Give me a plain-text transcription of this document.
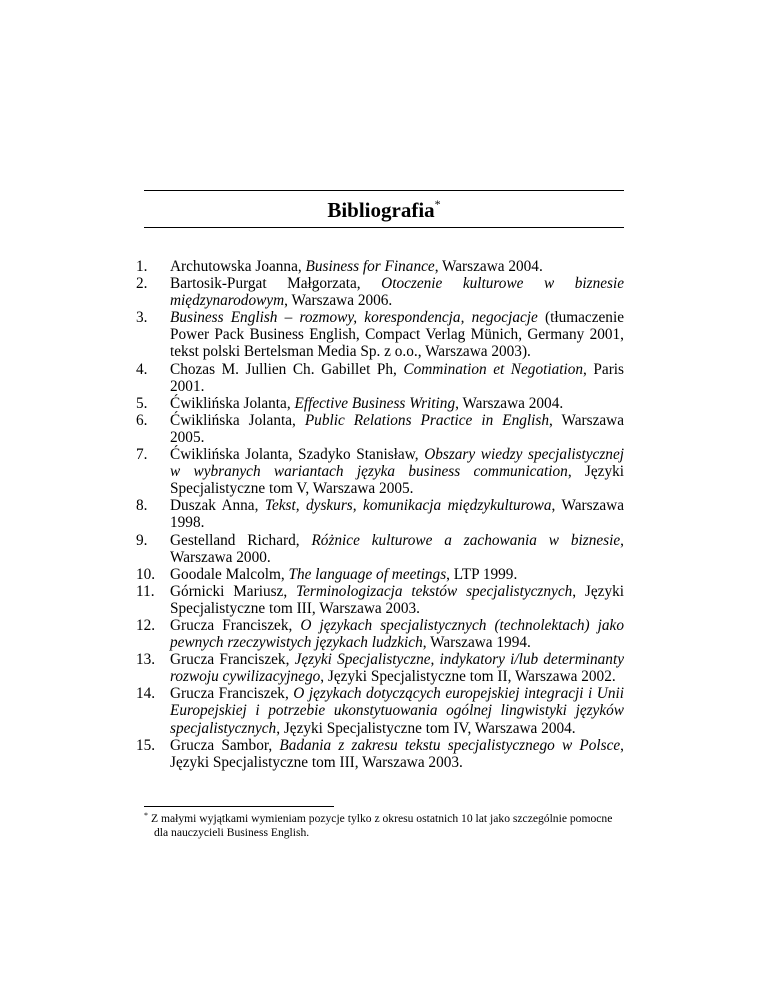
Bibliografia*
1. Archutowska Joanna, Business for Finance, Warszawa 2004.
2. Bartosik-Purgat Małgorzata, Otoczenie kulturowe w biznesie międzynarodowym, Warszawa 2006.
3. Business English – rozmowy, korespondencja, negocjacje (tłumaczenie Power Pack Business English, Compact Verlag Münich, Germany 2001, tekst polski Bertelsman Media Sp. z o.o., Warszawa 2003).
4. Chozas M. Jullien Ch. Gabillet Ph, Commination et Negotiation, Paris 2001.
5. Ćwiklińska Jolanta, Effective Business Writing, Warszawa 2004.
6. Ćwiklińska Jolanta, Public Relations Practice in English, Warszawa 2005.
7. Ćwiklińska Jolanta, Szadyko Stanisław, Obszary wiedzy specjalistycznej w wybranych wariantach języka business communication, Języki Specjalistyczne tom V, Warszawa 2005.
8. Duszak Anna, Tekst, dyskurs, komunikacja międzykulturowa, Warszawa 1998.
9. Gestelland Richard, Różnice kulturowe a zachowania w biznesie, Warszawa 2000.
10. Goodale Malcolm, The language of meetings, LTP 1999.
11. Górnicki Mariusz, Terminologizacja tekstów specjalistycznych, Języki Specjalistyczne tom III, Warszawa 2003.
12. Grucza Franciszek, O językach specjalistycznych (technolektach) jako pewnych rzeczywistych językach ludzkich, Warszawa 1994.
13. Grucza Franciszek, Języki Specjalistyczne, indykatory i/lub determinanty rozwoju cywilizacyjnego, Języki Specjalistyczne tom II, Warszawa 2002.
14. Grucza Franciszek, O językach dotyczących europejskiej integracji i Unii Europejskiej i potrzebie ukonstytuowania ogólnej lingwistyki języków specjalistycznych, Języki Specjalistyczne tom IV, Warszawa 2004.
15. Grucza Sambor, Badania z zakresu tekstu specjalistycznego w Polsce, Języki Specjalistyczne tom III, Warszawa 2003.
* Z małymi wyjątkami wymieniam pozycje tylko z okresu ostatnich 10 lat jako szczególnie pomocne dla nauczycieli Business English.
